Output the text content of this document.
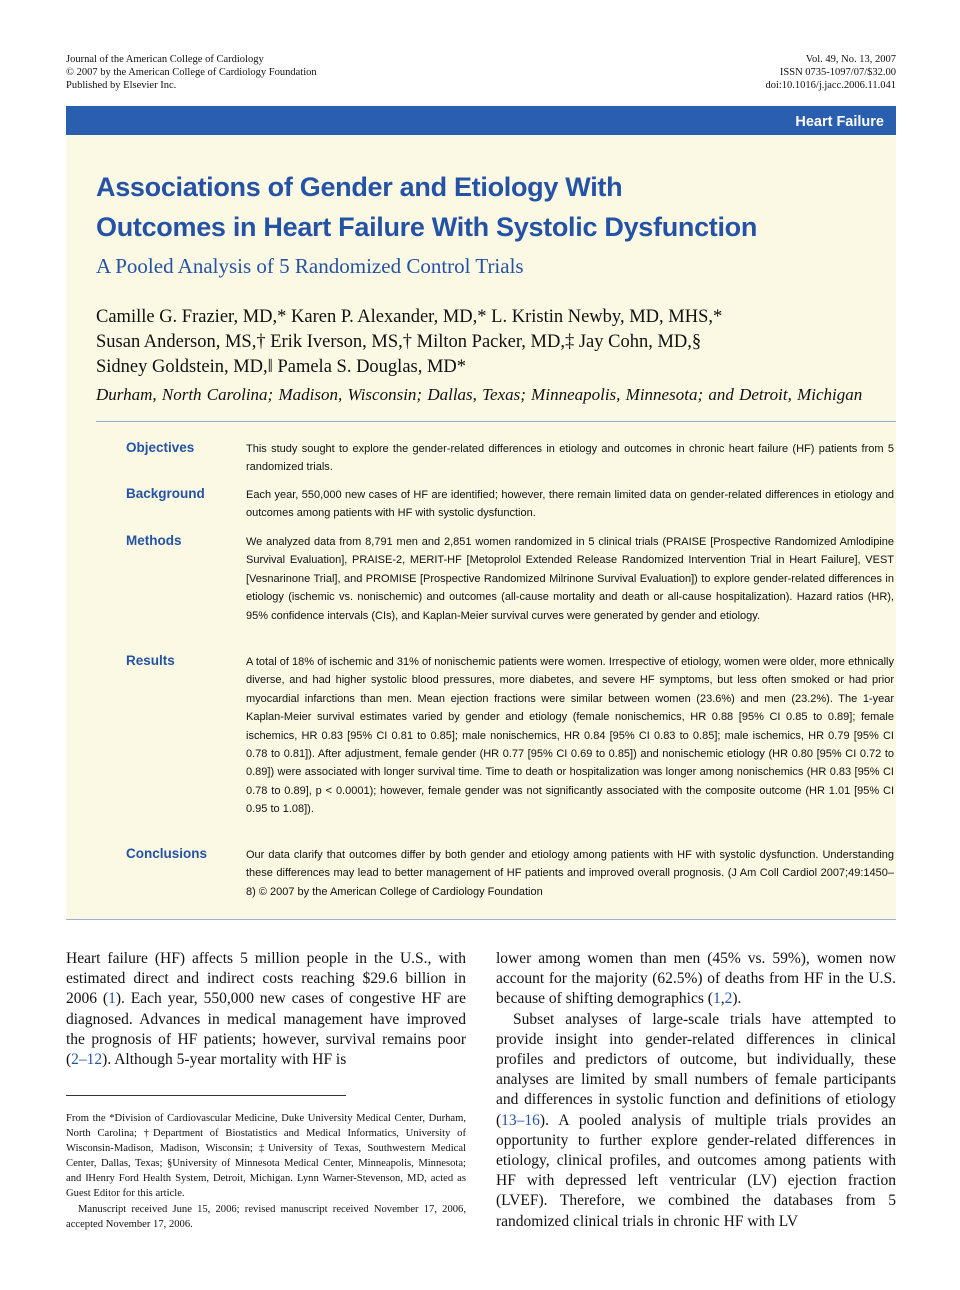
Journal of the American College of Cardiology
© 2007 by the American College of Cardiology Foundation
Published by Elsevier Inc.
Vol. 49, No. 13, 2007
ISSN 0735-1097/07/$32.00
doi:10.1016/j.jacc.2006.11.041
Heart Failure
Associations of Gender and Etiology With
Outcomes in Heart Failure With Systolic Dysfunction
A Pooled Analysis of 5 Randomized Control Trials
Camille G. Frazier, MD,* Karen P. Alexander, MD,* L. Kristin Newby, MD, MHS,*
Susan Anderson, MS,† Erik Iverson, MS,† Milton Packer, MD,‡ Jay Cohn, MD,§
Sidney Goldstein, MD,‖ Pamela S. Douglas, MD*
Durham, North Carolina; Madison, Wisconsin; Dallas, Texas; Minneapolis, Minnesota; and Detroit, Michigan
Objectives	This study sought to explore the gender-related differences in etiology and outcomes in chronic heart failure (HF) patients from 5 randomized trials.
Background	Each year, 550,000 new cases of HF are identified; however, there remain limited data on gender-related differences in etiology and outcomes among patients with HF with systolic dysfunction.
Methods	We analyzed data from 8,791 men and 2,851 women randomized in 5 clinical trials (PRAISE [Prospective Randomized Amlodipine Survival Evaluation], PRAISE-2, MERIT-HF [Metoprolol Extended Release Randomized Intervention Trial in Heart Failure], VEST [Vesnarinone Trial], and PROMISE [Prospective Randomized Milrinone Survival Evaluation]) to explore gender-related differences in etiology (ischemic vs. nonischemic) and outcomes (all-cause mortality and death or all-cause hospitalization). Hazard ratios (HR), 95% confidence intervals (CIs), and Kaplan-Meier survival curves were generated by gender and etiology.
Results	A total of 18% of ischemic and 31% of nonischemic patients were women. Irrespective of etiology, women were older, more ethnically diverse, and had higher systolic blood pressures, more diabetes, and severe HF symptoms, but less often smoked or had prior myocardial infarctions than men. Mean ejection fractions were similar between women (23.6%) and men (23.2%). The 1-year Kaplan-Meier survival estimates varied by gender and etiology (female nonischemics, HR 0.88 [95% CI 0.85 to 0.89]; female ischemics, HR 0.83 [95% CI 0.81 to 0.85]; male nonischemics, HR 0.84 [95% CI 0.83 to 0.85]; male ischemics, HR 0.79 [95% CI 0.78 to 0.81]). After adjustment, female gender (HR 0.77 [95% CI 0.69 to 0.85]) and nonischemic etiology (HR 0.80 [95% CI 0.72 to 0.89]) were associated with longer survival time. Time to death or hospitalization was longer among nonischemics (HR 0.83 [95% CI 0.78 to 0.89], p < 0.0001); however, female gender was not significantly associated with the composite outcome (HR 1.01 [95% CI 0.95 to 1.08]).
Conclusions	Our data clarify that outcomes differ by both gender and etiology among patients with HF with systolic dysfunction. Understanding these differences may lead to better management of HF patients and improved overall prognosis. (J Am Coll Cardiol 2007;49:1450–8) © 2007 by the American College of Cardiology Foundation

Heart failure (HF) affects 5 million people in the U.S., with estimated direct and indirect costs reaching $29.6 billion in 2006 (1). Each year, 550,000 new cases of congestive HF are diagnosed. Advances in medical management have improved the prognosis of HF patients; however, survival remains poor (2–12). Although 5-year mortality with HF is

From the *Division of Cardiovascular Medicine, Duke University Medical Center, Durham, North Carolina; †Department of Biostatistics and Medical Informatics, University of Wisconsin-Madison, Madison, Wisconsin; ‡University of Texas, Southwestern Medical Center, Dallas, Texas; §University of Minnesota Medical Center, Minneapolis, Minnesota; and ‖Henry Ford Health System, Detroit, Michigan. Lynn Warner-Stevenson, MD, acted as Guest Editor for this article.

Manuscript received June 15, 2006; revised manuscript received November 17, 2006, accepted November 17, 2006.

lower among women than men (45% vs. 59%), women now account for the majority (62.5%) of deaths from HF in the U.S. because of shifting demographics (1,2).

Subset analyses of large-scale trials have attempted to provide insight into gender-related differences in clinical profiles and predictors of outcome, but individually, these analyses are limited by small numbers of female participants and differences in systolic function and definitions of etiology (13–16). A pooled analysis of multiple trials provides an opportunity to further explore gender-related differences in etiology, clinical profiles, and outcomes among patients with HF with depressed left ventricular (LV) ejection fraction (LVEF). Therefore, we combined the databases from 5 randomized clinical trials in chronic HF with LV
